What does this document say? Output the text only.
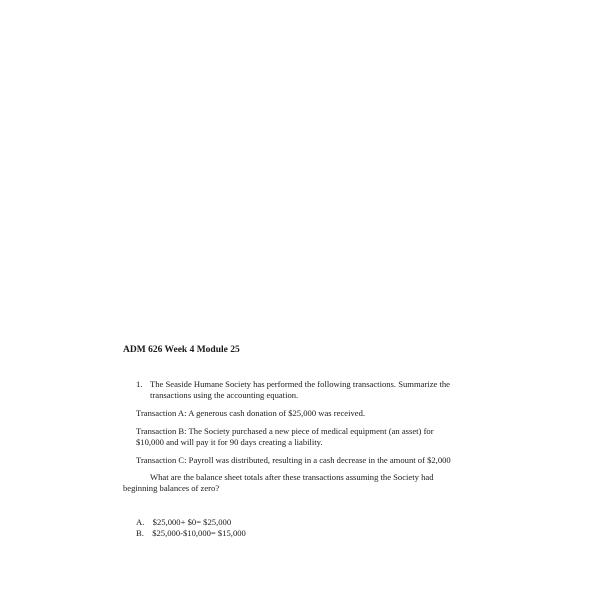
ADM 626 Week 4 Module 25
1. The Seaside Humane Society has performed the following transactions. Summarize the
transactions using the accounting equation.
Transaction A: A generous cash donation of $25,000 was received.
Transaction B: The Society purchased a new piece of medical equipment (an asset) for
$10,000 and will pay it for 90 days creating a liability.
Transaction C: Payroll was distributed, resulting in a cash decrease in the amount of $2,000
What are the balance sheet totals after these transactions assuming the Society had
beginning balances of zero?
A. $25,000+ $0= $25,000
B. $25,000-$10,000= $15,000
